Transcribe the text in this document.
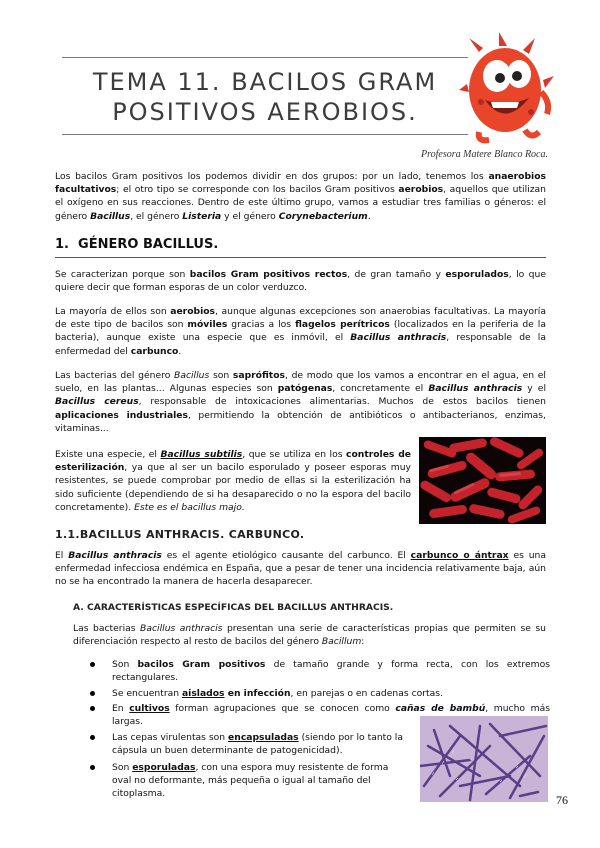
TEMA 11. BACILOS GRAM
POSITIVOS AEROBIOS.
Profesora Matere Blanco Roca.
Los bacilos Gram positivos los podemos dividir en dos grupos: por un lado, tenemos los anaerobios facultativos; el otro tipo se corresponde con los bacilos Gram positivos aerobios, aquellos que utilizan el oxígeno en sus reacciones. Dentro de este último grupo, vamos a estudiar tres familias o géneros: el género Bacillus, el género Listeria y el género Corynebacterium.
1. GÉNERO BACILLUS.
Se caracterizan porque son bacilos Gram positivos rectos, de gran tamaño y esporulados, lo que quiere decir que forman esporas de un color verduzco.
La mayoría de ellos son aerobios, aunque algunas excepciones son anaerobias facultativas. La mayoría de este tipo de bacilos son móviles gracias a los flagelos perítricos (localizados en la periferia de la bacteria), aunque existe una especie que es inmóvil, el Bacillus anthracis, responsable de la enfermedad del carbunco.
Las bacterias del género Bacillus son saprófitos, de modo que los vamos a encontrar en el agua, en el suelo, en las plantas... Algunas especies son patógenas, concretamente el Bacillus anthracis y el Bacillus cereus, responsable de intoxicaciones alimentarias. Muchos de estos bacilos tienen aplicaciones industriales, permitiendo la obtención de antibióticos o antibacterianos, enzimas, vitaminas...
Existe una especie, el Bacillus subtilis, que se utiliza en los controles de esterilización, ya que al ser un bacilo esporulado y poseer esporas muy resistentes, se puede comprobar por medio de ellas si la esterilización ha sido suficiente (dependiendo de si ha desaparecido o no la espora del bacilo concretamente). Este es el bacillus majo.
1.1.BACILLUS ANTHRACIS. CARBUNCO.
El Bacillus anthracis es el agente etiológico causante del carbunco. El carbunco o ántrax es una enfermedad infecciosa endémica en España, que a pesar de tener una incidencia relativamente baja, aún no se ha encontrado la manera de hacerla desaparecer.
A. CARACTERÍSTICAS ESPECÍFICAS DEL BACILLUS ANTHRACIS.
Las bacterias Bacillus anthracis presentan una serie de características propias que permiten se su diferenciación respecto al resto de bacilos del género Bacillum:
Son bacilos Gram positivos de tamaño grande y forma recta, con los extremos rectangulares.
Se encuentran aislados en infección, en parejas o en cadenas cortas.
En cultivos forman agrupaciones que se conocen como cañas de bambú, mucho más largas.
Las cepas virulentas son encapsuladas (siendo por lo tanto la cápsula un buen determinante de patogenicidad).
Son esporuladas, con una espora muy resistente de forma oval no deformante, más pequeña o igual al tamaño del citoplasma.	76
